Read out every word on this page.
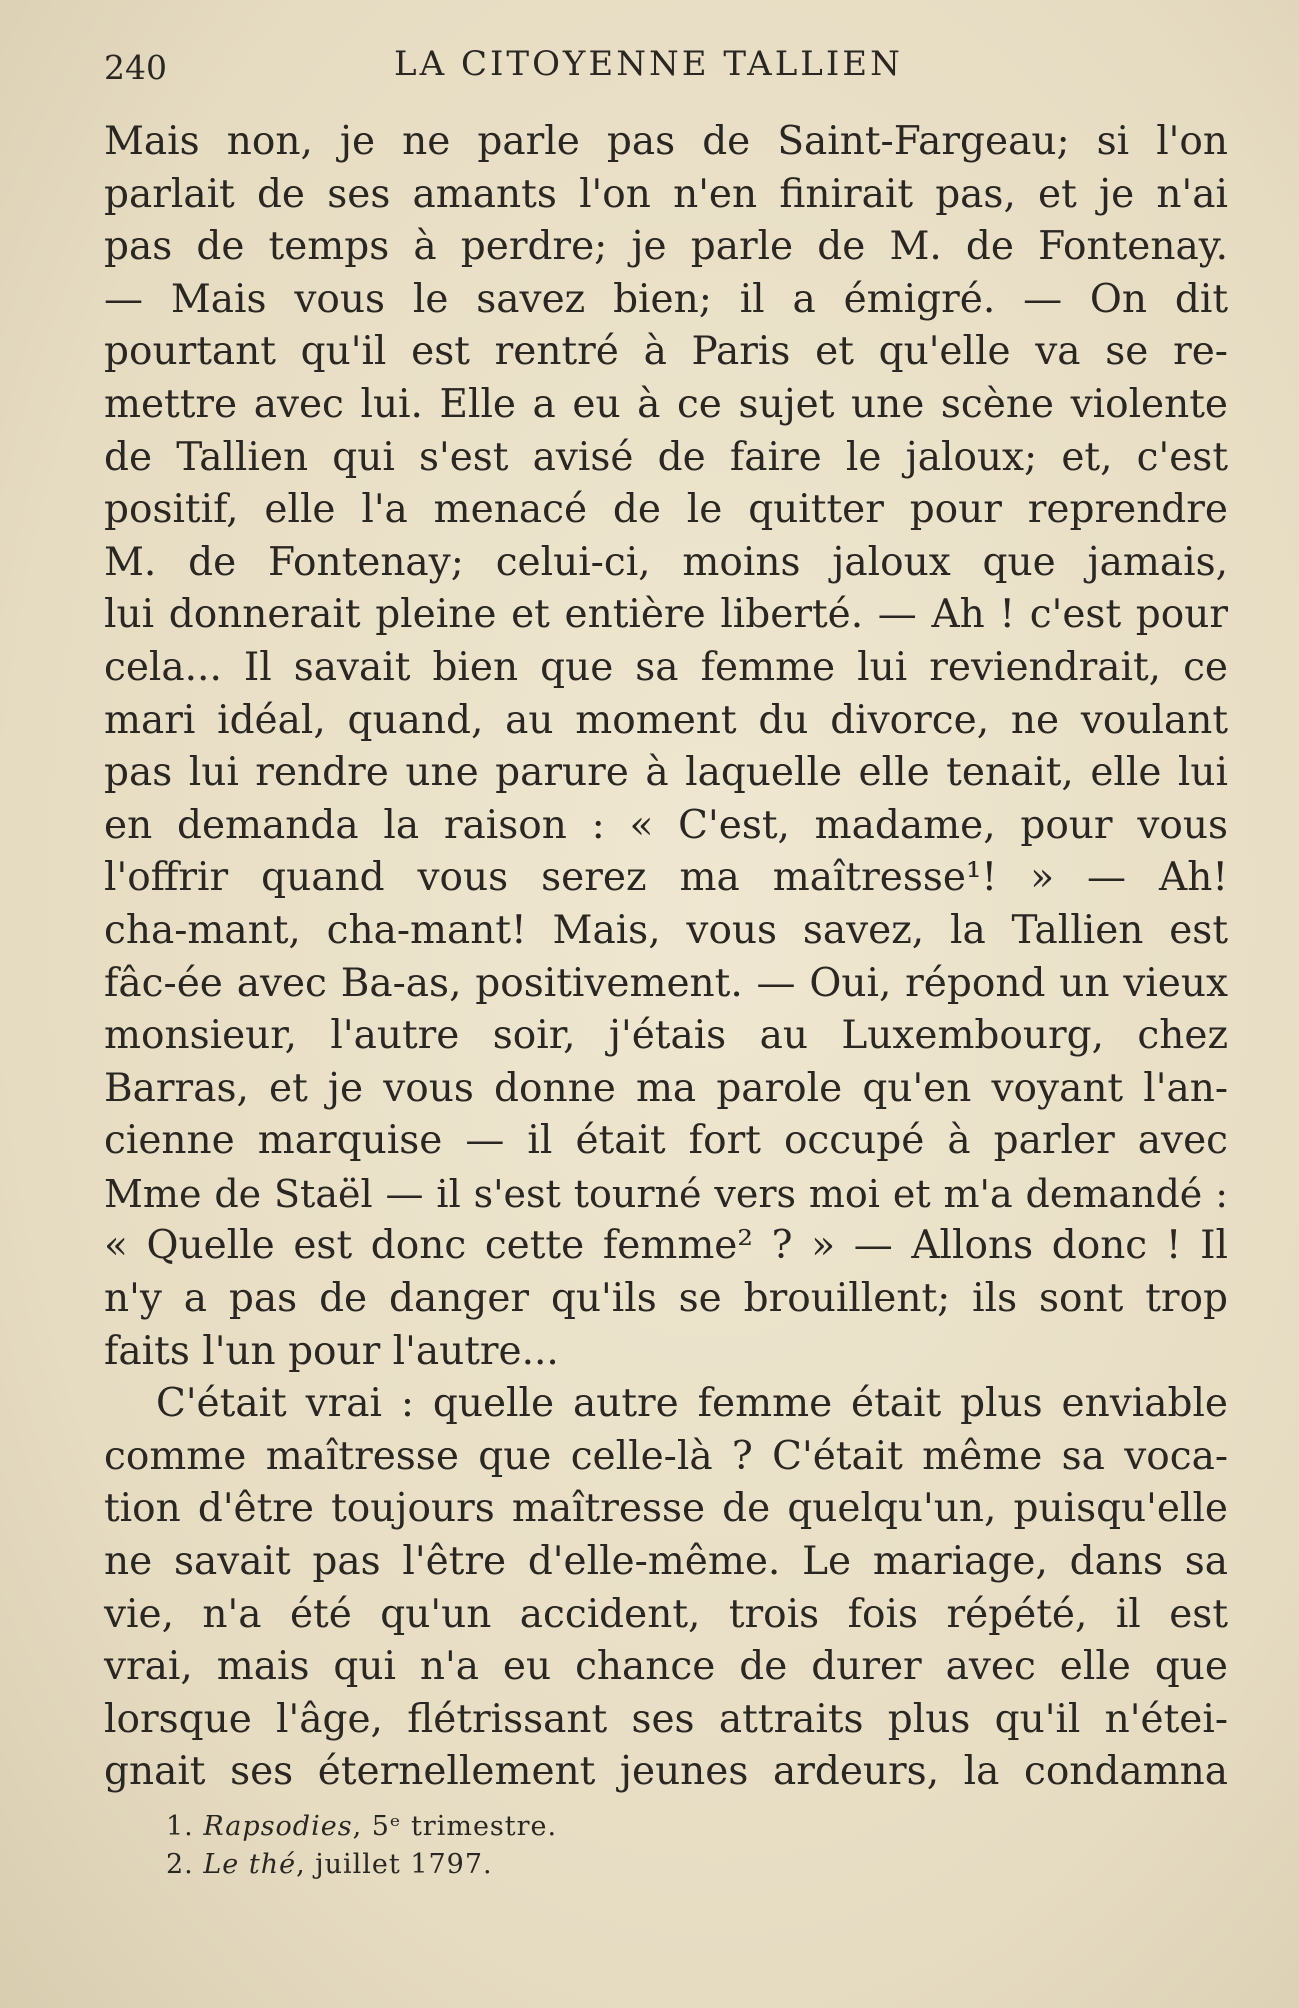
240	LA CITOYENNE TALLIEN
Mais non, je ne parle pas de Saint-Fargeau; si l'on
parlait de ses amants l'on n'en finirait pas, et je n'ai
pas de temps à perdre; je parle de M. de Fontenay.
— Mais vous le savez bien; il a émigré. — On dit
pourtant qu'il est rentré à Paris et qu'elle va se re-
mettre avec lui. Elle a eu à ce sujet une scène violente
de Tallien qui s'est avisé de faire le jaloux; et, c'est
positif, elle l'a menacé de le quitter pour reprendre
M. de Fontenay; celui-ci, moins jaloux que jamais,
lui donnerait pleine et entière liberté. — Ah ! c'est pour
cela... Il savait bien que sa femme lui reviendrait, ce
mari idéal, quand, au moment du divorce, ne voulant
pas lui rendre une parure à laquelle elle tenait, elle lui
en demanda la raison : « C'est, madame, pour vous
l'offrir quand vous serez ma maîtresse¹! » — Ah!
cha-mant, cha-mant! Mais, vous savez, la Tallien est
fâc-ée avec Ba-as, positivement. — Oui, répond un vieux
monsieur, l'autre soir, j'étais au Luxembourg, chez
Barras, et je vous donne ma parole qu'en voyant l'an-
cienne marquise — il était fort occupé à parler avec
Mme de Staël — il s'est tourné vers moi et m'a demandé :
« Quelle est donc cette femme² ? » — Allons donc ! Il
n'y a pas de danger qu'ils se brouillent; ils sont trop
faits l'un pour l'autre...
C'était vrai : quelle autre femme était plus enviable
comme maîtresse que celle-là ? C'était même sa voca-
tion d'être toujours maîtresse de quelqu'un, puisqu'elle
ne savait pas l'être d'elle-même. Le mariage, dans sa
vie, n'a été qu'un accident, trois fois répété, il est
vrai, mais qui n'a eu chance de durer avec elle que
lorsque l'âge, flétrissant ses attraits plus qu'il n'étei-
gnait ses éternellement jeunes ardeurs, la condamna
1. Rapsodies, 5ᵉ trimestre.
2. Le thé, juillet 1797.
